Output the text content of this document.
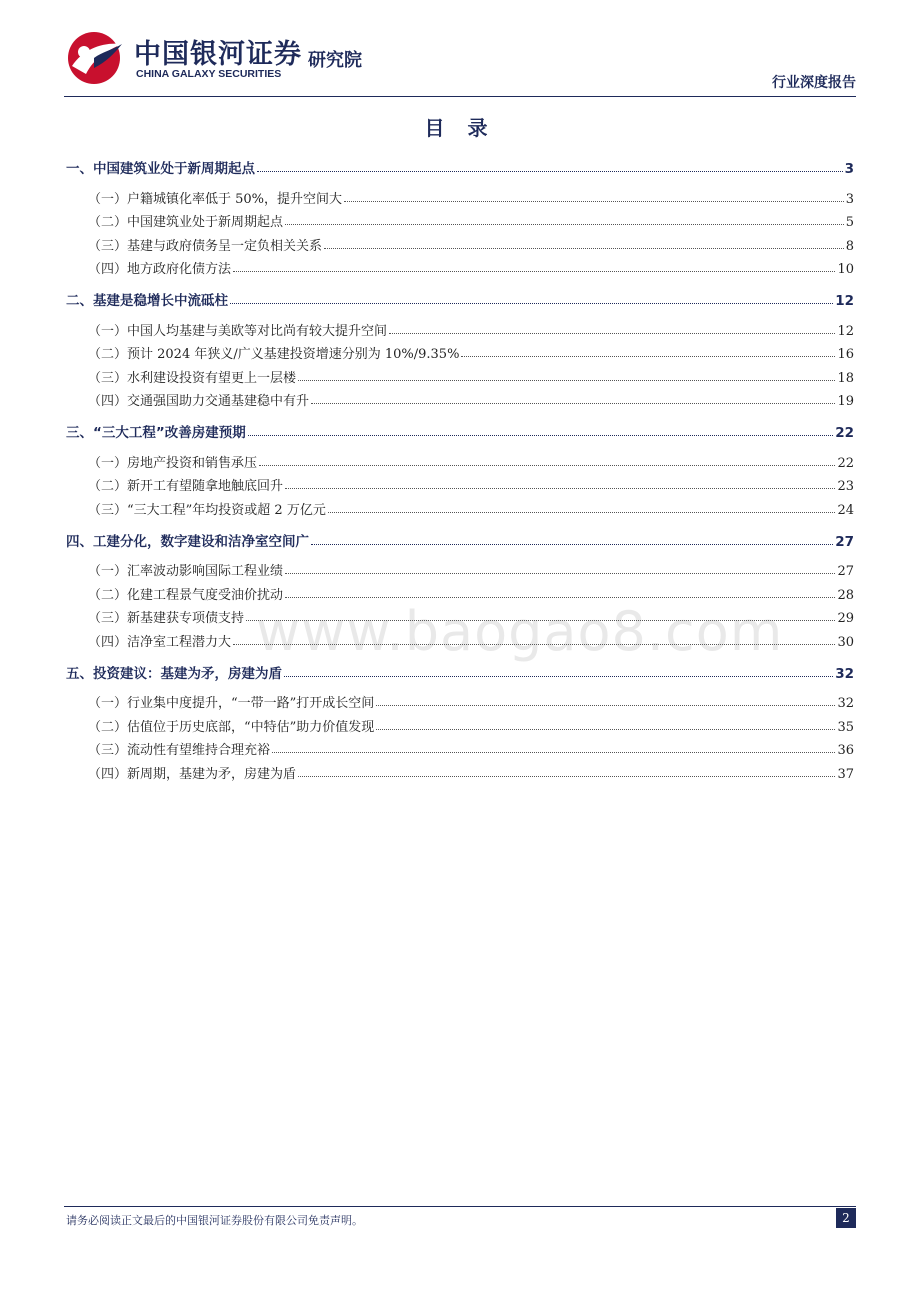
中国银河证券
CHINA GALAXY SECURITIES
研究院
行业深度报告
目 录
一、中国建筑业处于新周期起点	3
（一）户籍城镇化率低于 50%，提升空间大	3
（二）中国建筑业处于新周期起点	5
（三）基建与政府债务呈一定负相关关系	8
（四）地方政府化债方法	10
二、基建是稳增长中流砥柱	12
（一）中国人均基建与美欧等对比尚有较大提升空间	12
（二）预计 2024 年狭义/广义基建投资增速分别为 10%/9.35%	16
（三）水利建设投资有望更上一层楼	18
（四）交通强国助力交通基建稳中有升	19
三、“三大工程”改善房建预期	22
（一）房地产投资和销售承压	22
（二）新开工有望随拿地触底回升	23
（三）“三大工程”年均投资或超 2 万亿元	24
四、工建分化，数字建设和洁净室空间广	27
（一）汇率波动影响国际工程业绩	27
（二）化建工程景气度受油价扰动	28
（三）新基建获专项债支持	29
（四）洁净室工程潜力大	30
五、投资建议：基建为矛，房建为盾	32
（一）行业集中度提升，“一带一路”打开成长空间	32
（二）估值位于历史底部，“中特估”助力价值发现	35
（三）流动性有望维持合理充裕	36
（四）新周期，基建为矛，房建为盾	37
www.baogao8.com
请务必阅读正文最后的中国银河证券股份有限公司免责声明。	2
